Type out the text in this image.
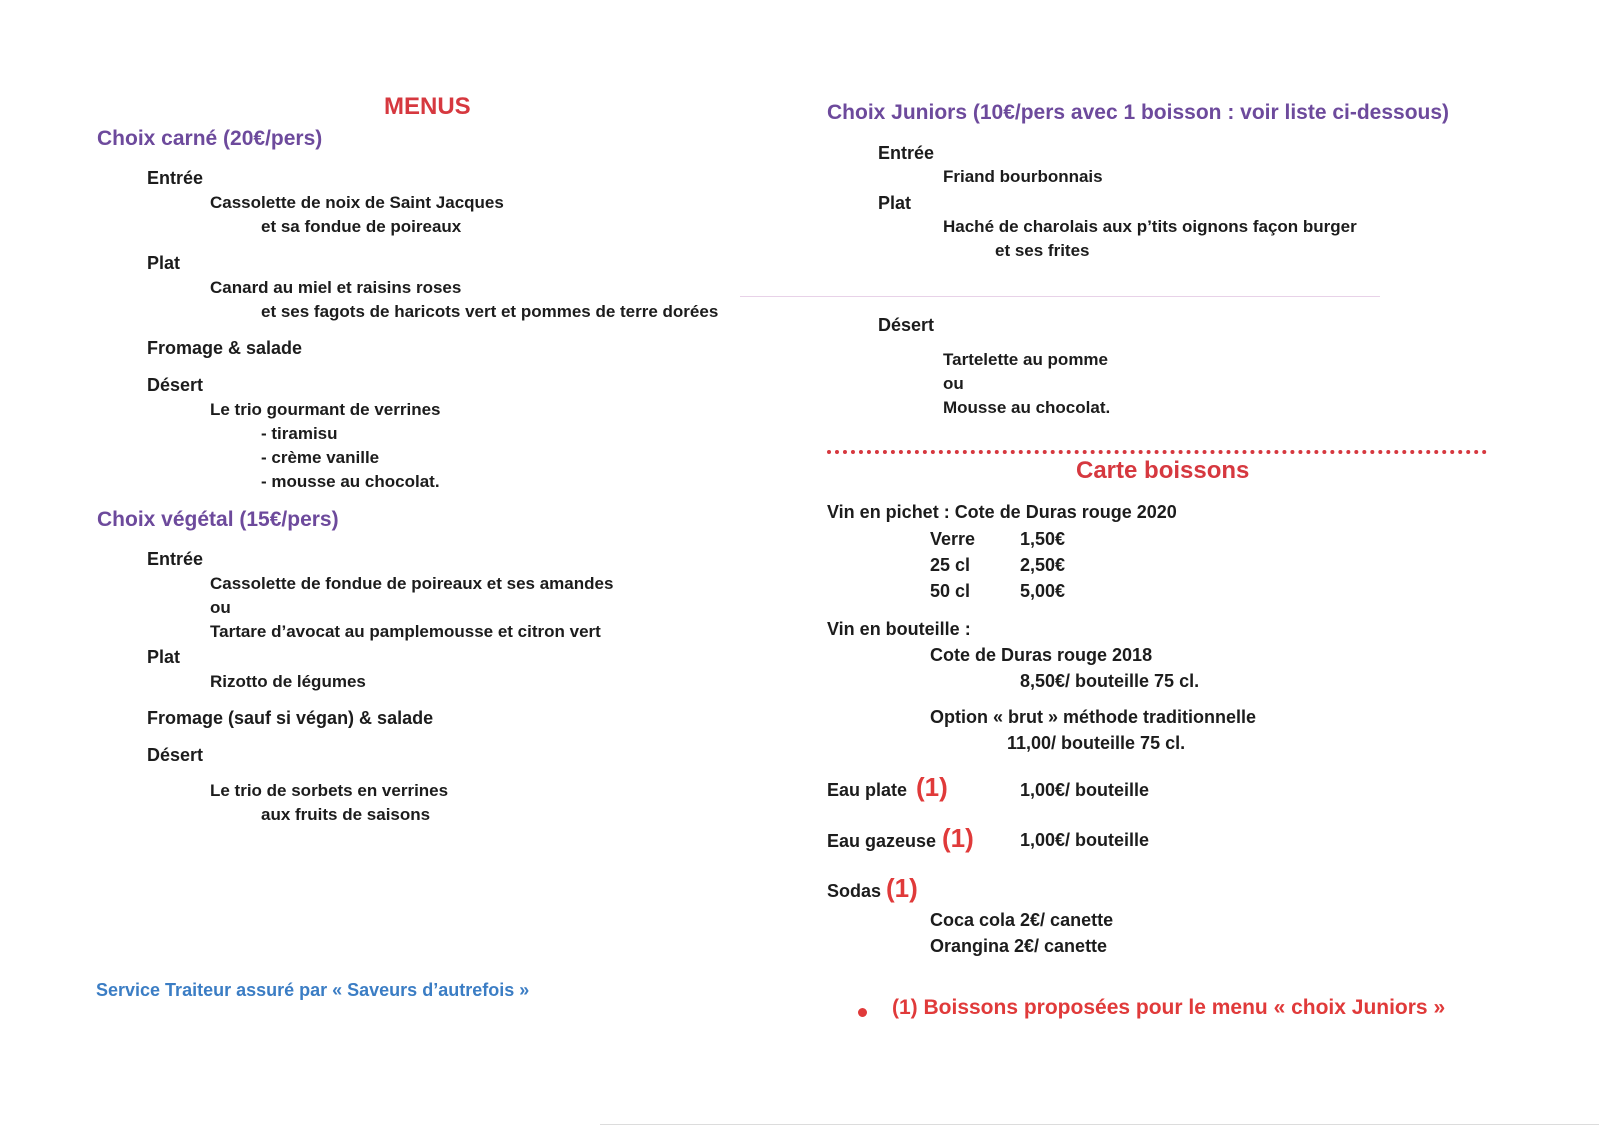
MENUS
Choix carné (20€/pers)
Entrée
Cassolette de noix de Saint Jacques
et sa fondue de poireaux
Plat
Canard au miel et raisins roses
et ses fagots de haricots vert et pommes de terre dorées
Fromage & salade
Désert
Le trio gourmant de verrines
- tiramisu
- crème vanille
- mousse au chocolat.
Choix végétal (15€/pers)
Entrée
Cassolette de fondue de poireaux et ses amandes
ou
Tartare d’avocat au pamplemousse et citron vert
Plat
Rizotto de légumes
Fromage (sauf si végan) & salade
Désert
Le trio de sorbets en verrines
aux fruits de saisons
Service Traiteur assuré par « Saveurs d’autrefois »
Choix Juniors (10€/pers avec 1 boisson : voir liste ci-dessous)
Entrée
Friand bourbonnais
Plat
Haché de charolais aux p’tits oignons façon burger
et ses frites
Désert
Tartelette au pomme
ou
Mousse au chocolat.
Carte boissons
Vin en pichet : Cote de Duras rouge 2020
Verre 1,50€
25 cl	2,50€
50 cl	5,00€
Vin en bouteille :
Cote de Duras rouge 2018
8,50€/ bouteille 75 cl.
Option « brut » méthode traditionnelle
11,00/ bouteille 75 cl.
Eau plate (1)	1,00€/ bouteille
Eau gazeuse (1)	1,00€/ bouteille
Sodas (1)
Coca cola 2€/ canette
Orangina 2€/ canette
(1) Boissons proposées pour le menu « choix Juniors »
